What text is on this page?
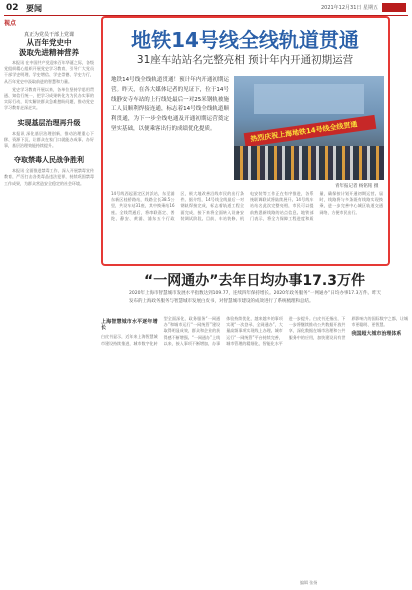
02 要闻	2021年12月31日 星期五
视点
真正为党员干部上党课
从百年党史中
汲取先进精神营养

本报讯 在中国共产党迎来百年华诞之际，各级党组织精心组织开展党史学习教育，引导广大党员干部学史明理、学史增信、学史崇德、学史力行，从百年党史中汲取前进的智慧和力量。

党史学习教育开展以来，各单位坚持学思用贯通、知信行统一，把学习成果转化为为民办实事的实际行动，切实解决群众急难愁盼问题，推动党史学习教育走深走实。

实现基层治理再升级

本报讯 深化基层治理创新，推动治理重心下移、资源下沉，让群众在家门口就能办成事、办好事，基层治理效能持续提升。

夺取禁毒人民战争胜利

本报讯 全面推进禁毒工作，深入开展禁毒宣传教育，严厉打击各类毒品违法犯罪，持续巩固禁毒工作成果，为群众营造安全稳定的社会环境。

地铁14号线全线轨道贯通
31座车站站名完整亮相 预计年内开通初期运营
地铁14号线全线轨道贯通！预计年内开通初期运营。昨天，在各大媒体记者的见证下，位于14号线静安寺车站的上行线处最后一对25米钢轨被施工人员顺利焊接连通，标志着14号线全线轨道顺利贯通，为下一步全线电通及开通初期运营奠定坚实基础，以便乘客出行的成绩优化提质。	热烈庆祝上海地铁14号线全线贯通
青年报记者 杨铭铭 摄
14号线西起嘉定区封浜站，东至浦东新区桂桥路站，线路全长38.5公里，共设车站31座，其中换乘站16座。全线贯通后，将串联嘉定、普陀、静安、黄浦、浦东五个行政区，极大地改善沿线市民的出行条件。据介绍，14号线全线最后一对钢轨焊接完成，标志着轨道工程全面完成，接下来将全面转入设备安装调试阶段。目前，车站装修、机电安装等工作正在有序推进，各系统联调联试将陆续展开。14号线车站站名此次完整亮相，市民可以提前熟悉新线路的站点信息。地铁部门表示，将全力保障工程进度和质量，确保按计划开通初期运营。届时，线路将与多条既有线路实现换乘，进一步完善中心城区轨道交通网络，方便市民出行。
“一网通办”去年日均办事17.3万件
2020年上海市智慧城市发展水平指数达到109.77，连续四年保持增长。2020年政务服务“一网通办”日均办事17.3万件。昨天发布的上海政务服务与智慧城市发展白皮书，对智慧城市建设的成效进行了系统梳理和总结。
上海智慧城市水平逐年增长
白皮书显示，近年来上海智慧城市建设持续推进，城市数字化转型全面深化，政务服务“一网通办”和城市运行“一网统管”建设取得明显成效，群众和企业的获得感不断增强。“一网通办”上线以来，接入事项不断增加，办事体验持续优化，越来越多的事项实现“一次登录、全网通办”，大量高频事项实现线上办理。城市运行“一网统管”平台持续完善，城市管理的精细化、智能化水平进一步提升。白皮书还指出，下一步将继续推动公共数据开放共享，深化数据在城市治理和公共服务中的应用，加快建设具有世界影响力的国际数字之都，让城市更聪明、更智慧。
我国超大城市治理体系
编辑 张扬
